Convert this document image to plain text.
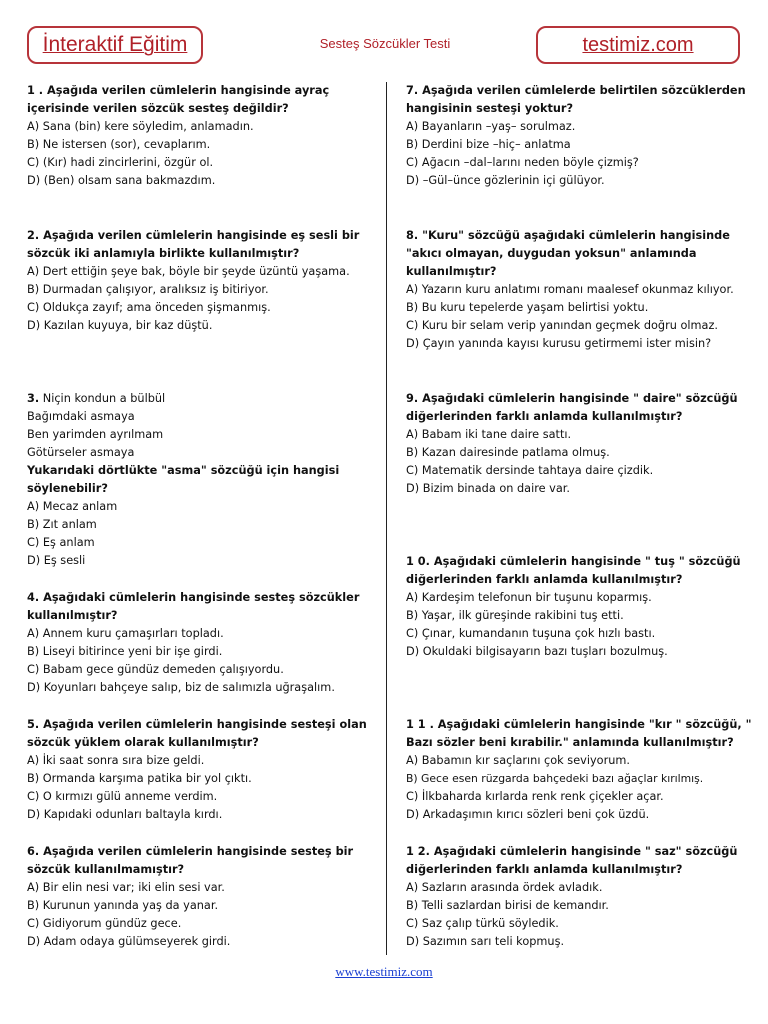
İnteraktif Eğitim	Sesteş Sözcükler Testi	testimiz.com
1 . Aşağıda verilen cümlelerin hangisinde ayraç içerisinde verilen sözcük sesteş değildir?
A) Sana (bin) kere söyledim, anlamadın.
B) Ne istersen (sor), cevaplarım.
C) (Kır) hadi zincirlerini, özgür ol.
D) (Ben) olsam sana bakmazdım.
2. Aşağıda verilen cümlelerin hangisinde eş sesli bir sözcük iki anlamıyla birlikte kullanılmıştır?
A) Dert ettiğin şeye bak, böyle bir şeyde üzüntü yaşama.
B) Durmadan çalışıyor, aralıksız iş bitiriyor.
C) Oldukça zayıf; ama önceden şişmanmış.
D) Kazılan kuyuya, bir kaz düştü.
3. Niçin kondun a bülbül
Bağımdaki asmaya
Ben yarimden ayrılmam
Götürseler asmaya
Yukarıdaki dörtlükte "asma" sözcüğü için hangisi söylenebilir?
A) Mecaz anlam
B) Zıt anlam
C) Eş anlam
D) Eş sesli
4. Aşağıdaki cümlelerin hangisinde sesteş sözcükler kullanılmıştır?
A) Annem kuru çamaşırları topladı.
B) Liseyi bitirince yeni bir işe girdi.
C) Babam gece gündüz demeden çalışıyordu.
D) Koyunları bahçeye salıp, biz de salımızla uğraşalım.
5. Aşağıda verilen cümlelerin hangisinde sesteşi olan sözcük yüklem olarak kullanılmıştır?
A) İki saat sonra sıra bize geldi.
B) Ormanda karşıma patika bir yol çıktı.
C) O kırmızı gülü anneme verdim.
D) Kapıdaki odunları baltayla kırdı.
6. Aşağıda verilen cümlelerin hangisinde sesteş bir sözcük kullanılmamıştır?
A) Bir elin nesi var; iki elin sesi var.
B) Kurunun yanında yaş da yanar.
C) Gidiyorum gündüz gece.
D) Adam odaya gülümseyerek girdi.
7. Aşağıda verilen cümlelerde belirtilen sözcüklerden hangisinin sesteşi yoktur?
A) Bayanların –yaş– sorulmaz.
B) Derdini bize –hiç– anlatma
C) Ağacın –dal–larını neden böyle çizmiş?
D) –Gül–ünce gözlerinin içi gülüyor.
8. "Kuru" sözcüğü aşağıdaki cümlelerin hangisinde "akıcı olmayan, duygudan yoksun" anlamında kullanılmıştır?
A) Yazarın kuru anlatımı romanı maalesef okunmaz kılıyor.
B) Bu kuru tepelerde yaşam belirtisi yoktu.
C) Kuru bir selam verip yanından geçmek doğru olmaz.
D) Çayın yanında kayısı kurusu getirmemi ister misin?
9. Aşağıdaki cümlelerin hangisinde " daire" sözcüğü diğerlerinden farklı anlamda kullanılmıştır?
A) Babam iki tane daire sattı.
B) Kazan dairesinde patlama olmuş.
C) Matematik dersinde tahtaya daire çizdik.
D) Bizim binada on daire var.
1 0. Aşağıdaki cümlelerin hangisinde " tuş " sözcüğü diğerlerinden farklı anlamda kullanılmıştır?
A) Kardeşim telefonun bir tuşunu koparmış.
B) Yaşar, ilk güreşinde rakibini tuş etti.
C) Çınar, kumandanın tuşuna çok hızlı bastı.
D) Okuldaki bilgisayarın bazı tuşları bozulmuş.
1 1 . Aşağıdaki cümlelerin hangisinde "kır " sözcüğü, " Bazı sözler beni kırabilir." anlamında kullanılmıştır?
A) Babamın kır saçlarını çok seviyorum.
B) Gece esen rüzgarda bahçedeki bazı ağaçlar kırılmış.
C) İlkbaharda kırlarda renk renk çiçekler açar.
D) Arkadaşımın kırıcı sözleri beni çok üzdü.
1 2. Aşağıdaki cümlelerin hangisinde " saz" sözcüğü diğerlerinden farklı anlamda kullanılmıştır?
A) Sazların arasında ördek avladık.
B) Telli sazlardan birisi de kemandır.
C) Saz çalıp türkü söyledik.
D) Sazımın sarı teli kopmuş.
www.testimiz.com
